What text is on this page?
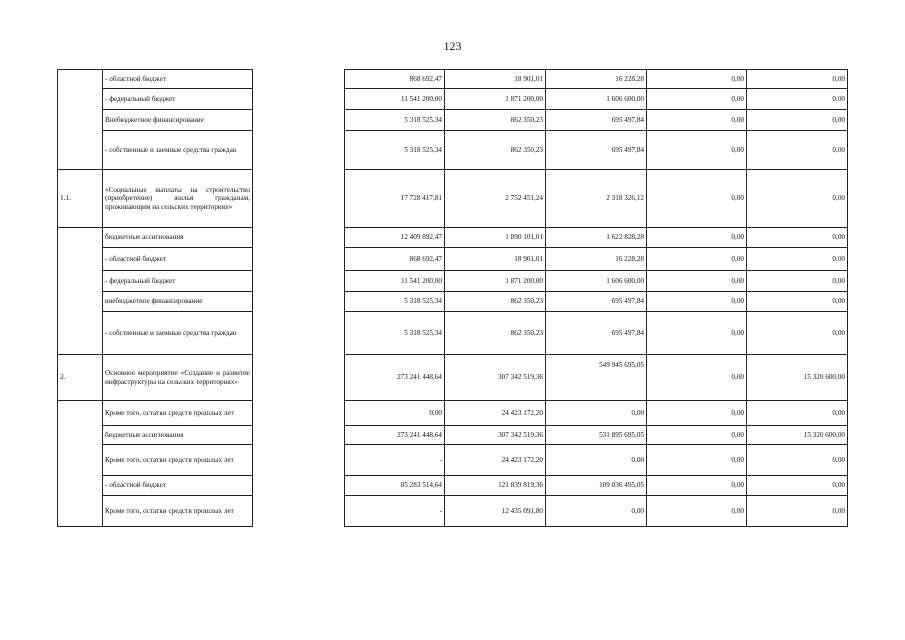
123
	- областной бюджет		868 692,47	18 901,01	16 228,28	0,00	0,00
	- федеральный бюджет		11 541 200,00	1 871 200,00	1 606 600,00	0,00	0,00
	Внебюджетное финансирование		5 318 525,34	862 350,23	695 497,84	0,00	0,00
	- собственные и заемные средства граждан		5 318 525,34	862 350,23	695 497,84	0,00	0,00
1.1.	«Социальные выплаты на строительство (приобретение) жилья гражданам, проживающим на сельских территориях»		17 728 417,81	2 752 451,24	2 318 326,12	0,00	0,00
	бюджетные ассигнования		12 409 892,47	1 890 101,01	1 622 828,28	0,00	0,00
	- областной бюджет		868 692,47	18 901,01	16 228,28	0,00	0,00
	- федеральный бюджет		11 541 200,00	1 871 200,00	1 606 600,00	0,00	0,00
	внебюджетное финансирование		5 318 525,34	862 350,23	695 497,84	0,00	0,00
	- собственные и заемные средства граждан		5 318 525,34	862 350,23	695 497,84	0,00	0,00
2.	Основное мероприятие «Создание и развитие инфраструктуры на сельских территориях»		273 241 448,64	307 342 519,36	549 945 695,05	0,00	15 320 600,00
	Кроме того, остатки средств прошлых лет		0,00	24 423 172,20	0,00	0,00	0,00
	бюджетные ассигнования		273 241 448,64	307 342 519,36	531 895 695,05	0,00	15 320 600,00
	Кроме того, остатки средств прошлых лет		-	24 423 172,20	0,00	0,00	0,00
	- областной бюджет		85 283 514,64	121 839 819,36	109 036 495,05	0,00	0,00
	Кроме того, остатки средств прошлых лет		-	12 435 091,80	0,00	0,00	0,00
